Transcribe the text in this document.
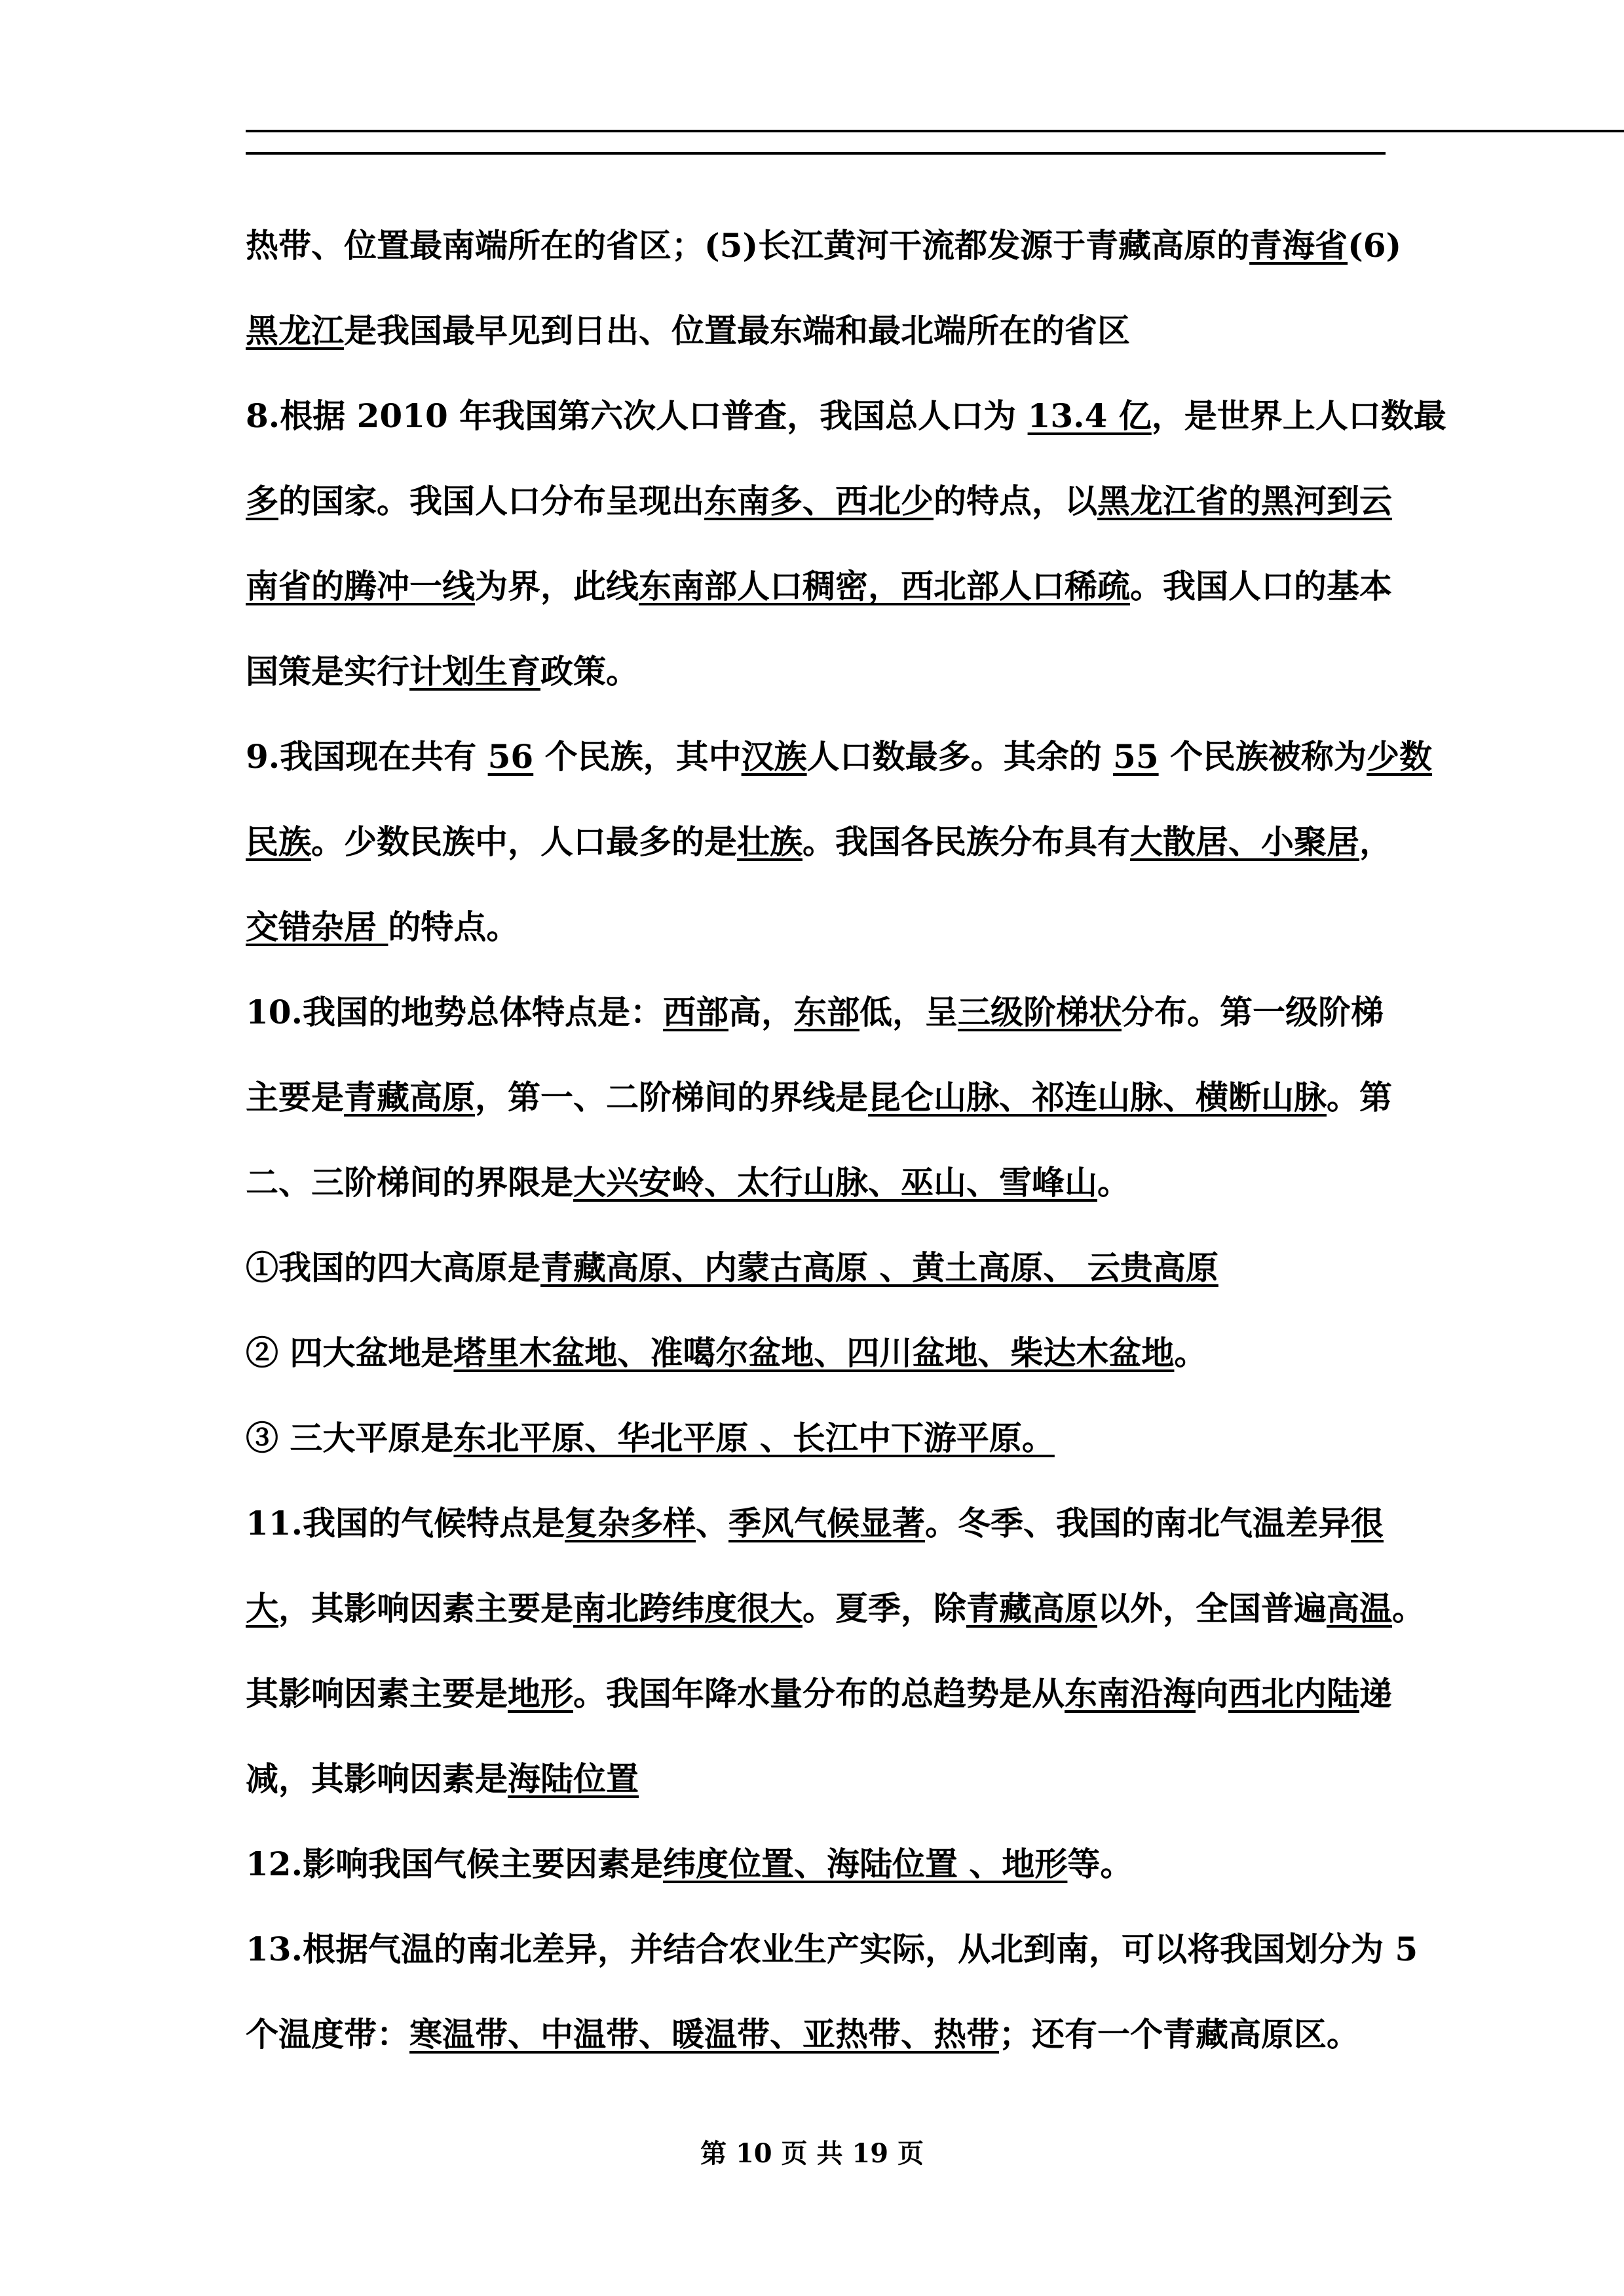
热带、位置最南端所在的省区；(5)长江黄河干流都发源于青藏高原的青海省(6)
黑龙江是我国最早见到日出、位置最东端和最北端所在的省区
8.根据 2010 年我国第六次人口普查，我国总人口为 13.4 亿，是世界上人口数最
多的国家。我国人口分布呈现出东南多、西北少的特点，以黑龙江省的黑河到云
南省的腾冲一线为界，此线东南部人口稠密，西北部人口稀疏。我国人口的基本
国策是实行计划生育政策。
9.我国现在共有 56 个民族，其中汉族人口数最多。其余的 55 个民族被称为少数
民族。少数民族中，人口最多的是壮族。我国各民族分布具有大散居、小聚居，
交错杂居 的特点。
10.我国的地势总体特点是：西部高，东部低，呈三级阶梯状分布。第一级阶梯
主要是青藏高原，第一、二阶梯间的界线是昆仑山脉、祁连山脉、横断山脉。第
二、三阶梯间的界限是大兴安岭、太行山脉、巫山、雪峰山。
①我国的四大高原是青藏高原、内蒙古高原 、黄土高原、 云贵高原
② 四大盆地是塔里木盆地、准噶尔盆地、四川盆地、柴达木盆地。
③ 三大平原是东北平原、华北平原 、长江中下游平原。
11.我国的气候特点是复杂多样、季风气候显著。冬季、我国的南北气温差异很
大，其影响因素主要是南北跨纬度很大。夏季，除青藏高原以外，全国普遍高温。
其影响因素主要是地形。我国年降水量分布的总趋势是从东南沿海向西北内陆递
减，其影响因素是海陆位置
12.影响我国气候主要因素是纬度位置、海陆位置 、地形等。
13.根据气温的南北差异，并结合农业生产实际，从北到南，可以将我国划分为 5
个温度带：寒温带、中温带、暖温带、亚热带、热带；还有一个青藏高原区。
第 10 页 共 19 页
